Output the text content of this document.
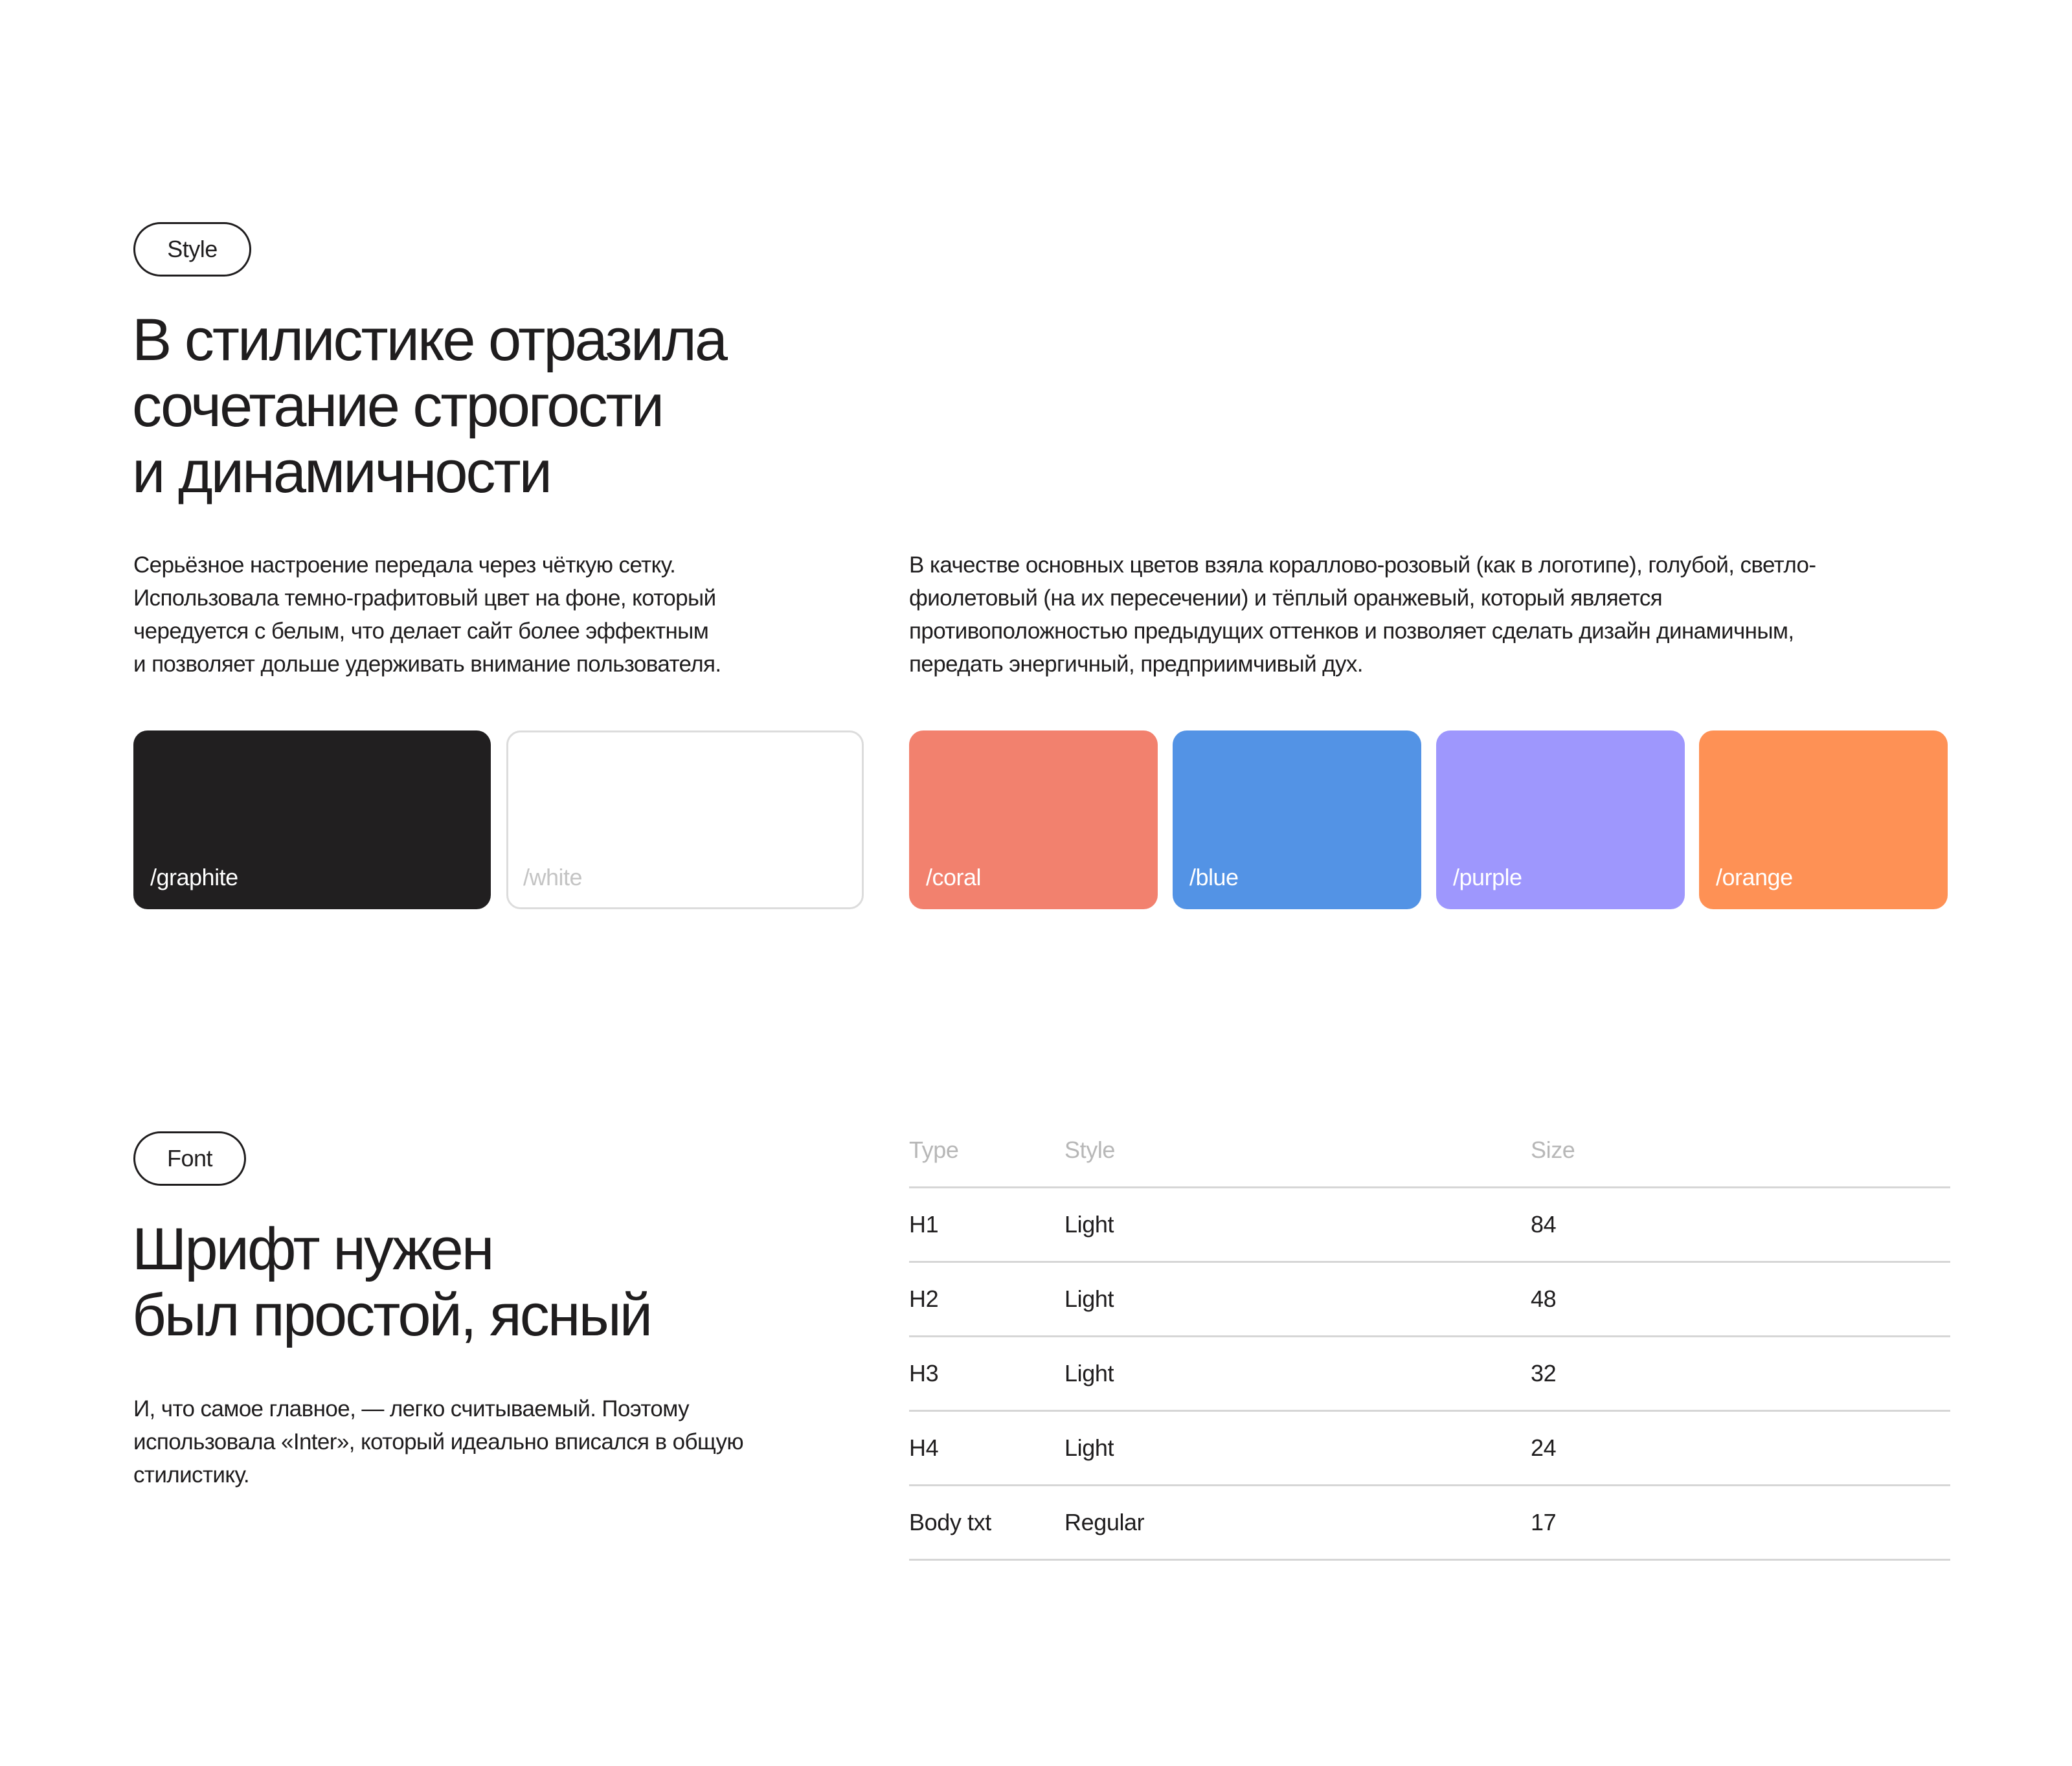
Style
В стилистике отразила
сочетание строгости
и динамичности

Серьёзное настроение передала через чёткую сетку.
Использовала темно-графитовый цвет на фоне, который
чередуется с белым, что делает сайт более эффектным
и позволяет дольше удерживать внимание пользователя.

В качестве основных цветов взяла кораллово-розовый (как в логотипе), голубой, светло-
фиолетовый (на их пересечении) и тёплый оранжевый, который является
противоположностью предыдущих оттенков и позволяет сделать дизайн динамичным,
передать энергичный, предприимчивый дух.

/graphite	/white	/coral	/blue	/purple	/orange
Font
Шрифт нужен
был простой, ясный

И, что самое главное, — легко считываемый. Поэтому
использовала «Inter», который идеально вписался в общую
стилистику.

Type	Style	Size
H1	Light	84
H2	Light	48
H3	Light	32
H4	Light	24
Body txt	Regular	17
